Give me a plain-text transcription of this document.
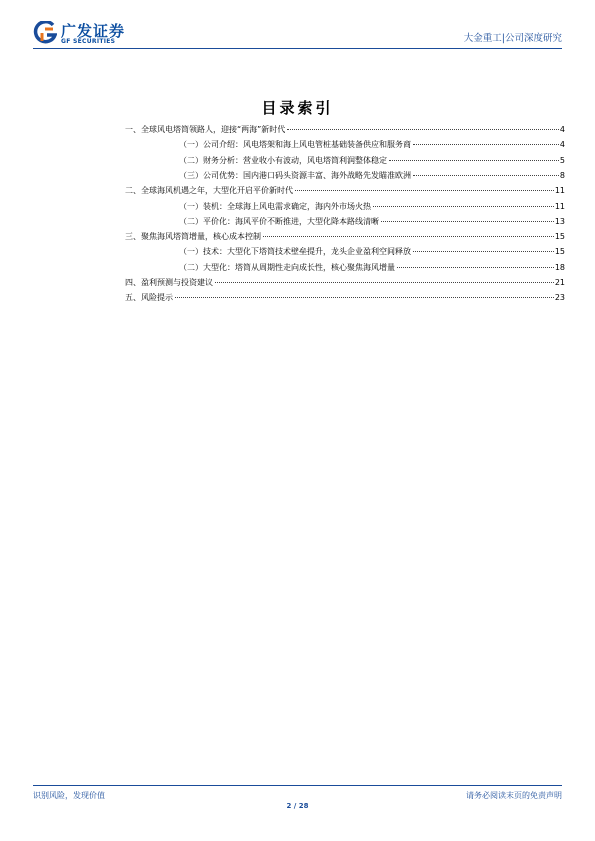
广发证券
GF SECURITIES	大金重工|公司深度研究
目录索引
一、全球风电塔筒领路人，迎接“两海”新时代	4
（一）公司介绍：风电塔架和海上风电管桩基础装备供应和服务商	4
（二）财务分析：营业收小有波动，风电塔筒利润整体稳定	5
（三）公司优势：国内港口码头资源丰富、海外战略先发瞄准欧洲	8
二、全球海风机遇之年，大型化开启平价新时代	11
（一）装机：全球海上风电需求确定，海内外市场火热	11
（二）平价化：海风平价不断推进，大型化降本路线清晰	13
三、聚焦海风塔筒增量，核心成本控制	15
（一）技术：大型化下塔筒技术壁垒提升，龙头企业盈利空间释放	15
（二）大型化：塔筒从周期性走向成长性，核心聚焦海风增量	18
四、盈利预测与投资建议	21
五、风险提示	23
识别风险，发现价值	请务必阅读末页的免责声明
2 / 28
